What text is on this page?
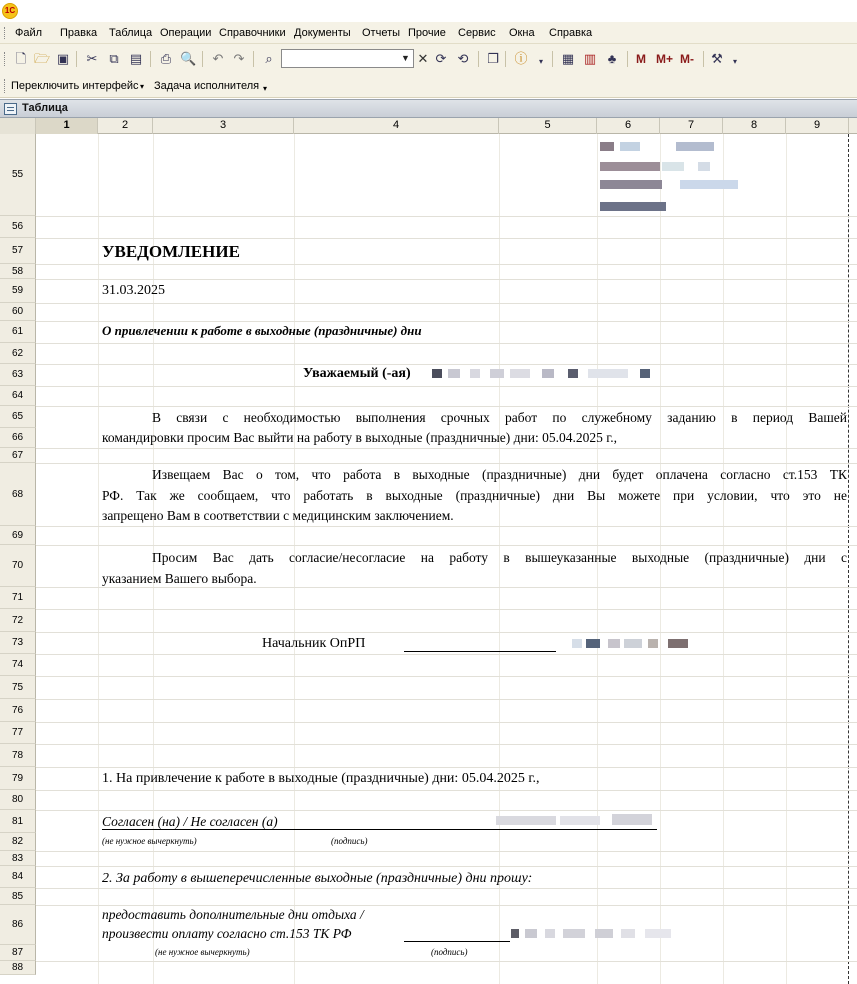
1C
Файл Правка Таблица Операции Справочники Документы Отчеты Прочие Сервис Окна Справка
🗋 🗁 ▣ ✂ ⧉ ▤ ⎙ 🔍 ↶ ↷	⌕	▼ ✕ ⟳ ⟲ ❐ ⓘ	▾	▦ ▥ ♣	M M+ M- ⚒	▾
Переключить интерфейс ▾ Задача исполнителя ▾
Таблица
1	2	3	4	5	6	7	8	9
55
56
57
58
59
60
61
62
63
64
65
66
67
68
69
70
71
72
73
74
75
76
77
78
79
80
81
82
83
84
85
86
87
88
УВЕДОМЛЕНИЕ
31.03.2025
О привлечении к работе в выходные (праздничные) дни
Уважаемый (-ая)
В связи с необходимостью выполнения срочных работ по служебному заданию в период Вашей
командировки просим Вас выйти на работу в выходные (праздничные) дни: 05.04.2025 г.,
Извещаем Вас о том, что работа в выходные (праздничные) дни будет оплачена согласно ст.153 ТК
РФ. Так же сообщаем, что работать в выходные (праздничные) дни Вы можете при условии, что это не
запрещено Вам в соответствии с медицинским заключением.
Просим Вас дать согласие/несогласие на работу в вышеуказанные выходные (праздничные) дни с
указанием Вашего выбора.
Начальник ОпРП
1. На привлечение к работе в выходные (праздничные) дни: 05.04.2025 г.,
Согласен (на) / Не согласен (а)
(не нужное вычеркнуть)	(подпись)
2. За работу в вышеперечисленные выходные (праздничные) дни прошу:
предоставить дополнительные дни отдыха /
произвести оплату согласно ст.153 ТК РФ
(не нужное вычеркнуть)	(подпись)
